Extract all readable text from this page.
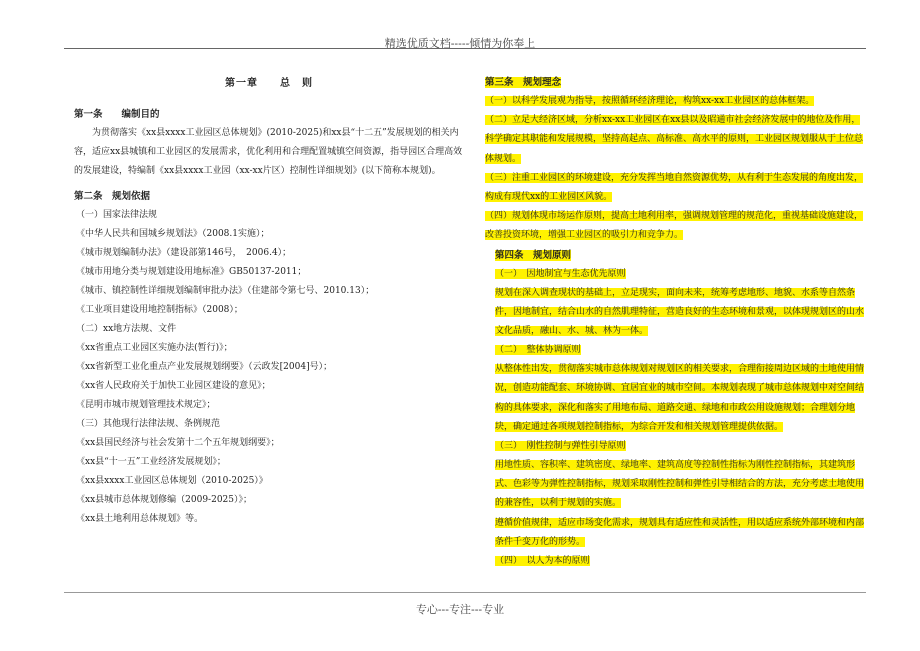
精选优质文档-----倾情为你奉上

第一章　　总　则

第一条　　编制目的

为贯彻落实《xx县xxxx工业园区总体规划》(2010-2025)和xx县“十二五”发展规划的相关内容，适应xx县城镇和工业园区的发展需求，优化利用和合理配置城镇空间资源，指导园区合理高效的发展建设，特编制《xx县xxxx工业园（xx-xx片区）控制性详细规划》(以下简称本规划)。

第二条　规划依据

（一）国家法律法规

《中华人民共和国城乡规划法》（2008.1实施）；

《城市规划编制办法》（建设部第146号，　2006.4）；

《城市用地分类与规划建设用地标准》GB50137-2011；

《城市、镇控制性详细规划编制审批办法》（住建部令第七号、2010.13）；

《工业项目建设用地控制指标》（2008）；

（二）xx地方法规、文件

《xx省重点工业园区实施办法(暂行)》；

《xx省新型工业化重点产业发展规划纲要》（云政发[2004]号）；

《xx省人民政府关于加快工业园区建设的意见》；

《昆明市城市规划管理技术规定》；

（三）其他现行法律法规、条例规范

《xx县国民经济与社会发第十二个五年规划纲要》；

《xx县“十一五”工业经济发展规划》；

《xx县xxxx工业园区总体规划（2010-2025）》

《xx县城市总体规划修编（2009-2025）》；

《xx县土地利用总体规划》等。

第三条　规划理念

（一）以科学发展观为指导，按照循环经济理论，构筑xx-xx工业园区的总体框架。

（二）立足大经济区域，分析xx-xx工业园区在xx县以及昭通市社会经济发展中的地位及作用，科学确定其职能和发展规模，坚持高起点、高标准、高水平的原则，工业园区规划服从于上位总体规划。

（三）注重工业园区的环境建设，充分发挥当地自然资源优势，从有利于生态发展的角度出发，构成有现代xx的工业园区风貌。

（四）规划体现市场运作原则，提高土地利用率，强调规划管理的规范化，重视基础设施建设，改善投资环境，增强工业园区的吸引力和竞争力。

第四条　规划原则

（一）　因地制宜与生态优先原则

规划在深入调查现状的基础上，立足现实，面向未来，统筹考虑地形、地貌、水系等自然条件，因地制宜，结合山水的自然肌理特征，营造良好的生态环境和景观，以体现规划区的山水文化品质，融山、水、城、林为一体。

（二）　整体协调原则

从整体性出发，贯彻落实城市总体规划对规划区的相关要求，合理衔接周边区域的土地使用情况，创造功能配套、环境协调、宜居宜业的城市空间。本规划表现了城市总体规划中对空间结构的具体要求，深化和落实了用地布局、道路交通、绿地和市政公用设施规划；合理划分地块，确定通过各项规划控制指标，为综合开发和相关规划管理提供依据。

（三）　刚性控制与弹性引导原则

用地性质、容积率、建筑密度、绿地率、建筑高度等控制性指标为刚性控制指标，其建筑形式、色彩等为弹性控制指标，规划采取刚性控制和弹性引导相结合的方法，充分考虑土地使用的兼容性，以利于规划的实施。

遵循价值规律，适应市场变化需求，规划具有适应性和灵活性，用以适应系统外部环境和内部条件千变万化的形势。

（四）　以人为本的原则

专心---专注---专业
